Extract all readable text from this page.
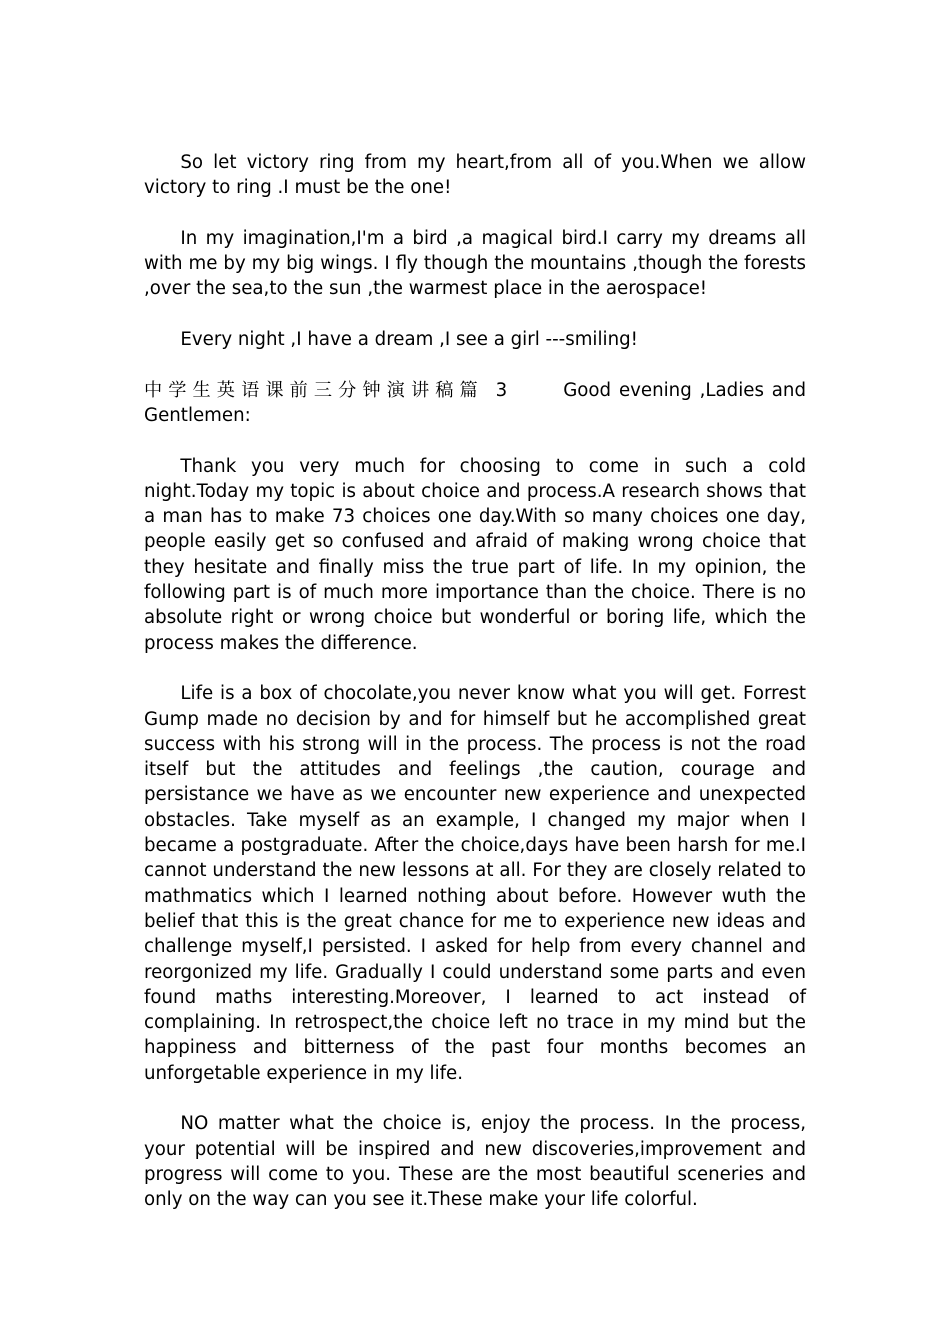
So let victory ring from my heart,from all of you.When we allow victory to ring .I must be the one!

In my imagination,I'm a bird ,a magical bird.I carry my dreams all with me by my big wings. I fly though the mountains ,though the forests ,over the sea,to the sun ,the warmest place in the aerospace!

Every night ,I have a dream ,I see a girl ---smiling!

中学生英语课前三分钟演讲稿篇 3	Good evening ,Ladies and Gentlemen:

Thank you very much for choosing to come in such a cold night.Today my topic is about choice and process.A research shows that a man has to make 73 choices one day.With so many choices one day, people easily get so confused and afraid of making wrong choice that they hesitate and finally miss the true part of life. In my opinion, the following part is of much more importance than the choice. There is no absolute right or wrong choice but wonderful or boring life, which the process makes the difference.

Life is a box of chocolate,you never know what you will get. Forrest Gump made no decision by and for himself but he accomplished great success with his strong will in the process. The process is not the road itself but the attitudes and feelings ,the caution, courage and persistance we have as we encounter new experience and unexpected obstacles. Take myself as an example, I changed my major when I became a postgraduate. After the choice,days have been harsh for me.I cannot understand the new lessons at all. For they are closely related to mathmatics which I learned nothing about before. However wuth the belief that this is the great chance for me to experience new ideas and challenge myself,I persisted. I asked for help from every channel and reorgonized my life. Gradually I could understand some parts and even found maths interesting.Moreover, I learned to act instead of complaining. In retrospect,the choice left no trace in my mind but the happiness and bitterness of the past four months becomes an unforgetable experience in my life.

NO matter what the choice is, enjoy the process. In the process, your potential will be inspired and new discoveries,improvement and progress will come to you. These are the most beautiful sceneries and only on the way can you see it.These make your life colorful.
